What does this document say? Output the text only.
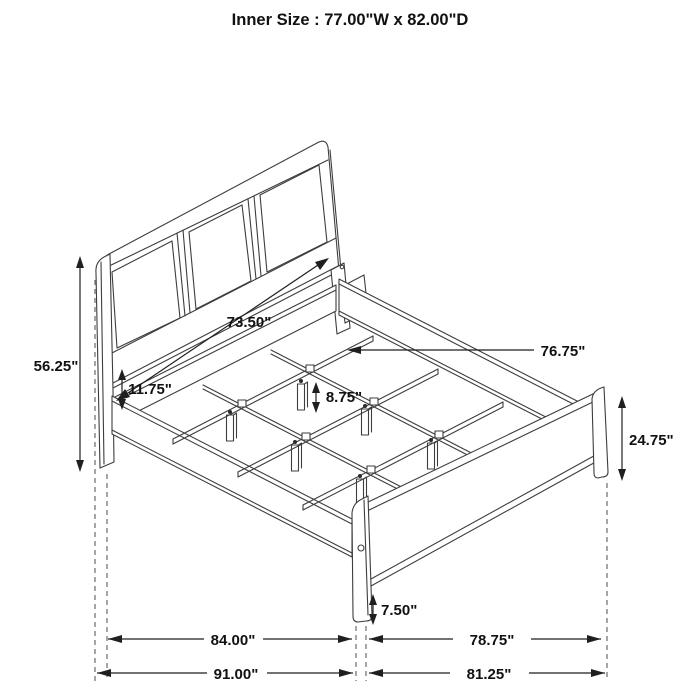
Inner Size : 77.00"W x 82.00"D
56.25"
11.75"
73.50"
76.75"
8.75"
24.75"
7.50"
84.00"	78.75"
91.00"	81.25"
